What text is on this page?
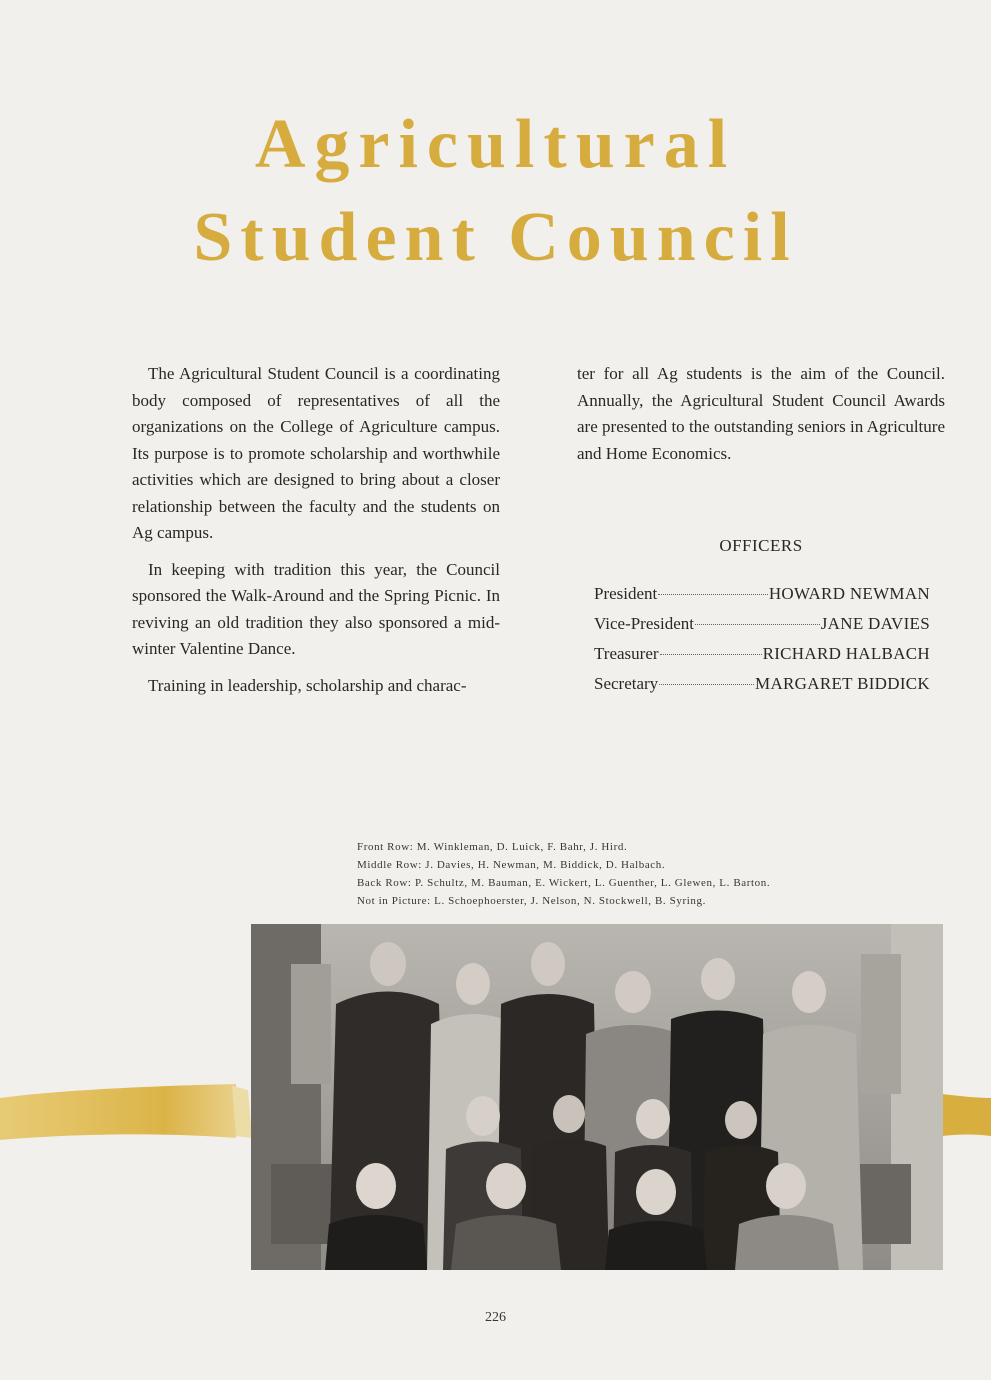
Agricultural
Student Council

The Agricultural Student Council is a coordinating body composed of representatives of all the organizations on the College of Agriculture campus. Its purpose is to promote scholarship and worthwhile activities which are designed to bring about a closer relationship between the faculty and the students on Ag campus.

In keeping with tradition this year, the Council sponsored the Walk-Around and the Spring Picnic. In reviving an old tradition they also sponsored a mid-winter Valentine Dance.

Training in leadership, scholarship and charac-

ter for all Ag students is the aim of the Council. Annually, the Agricultural Student Council Awards are presented to the outstanding seniors in Agriculture and Home Economics.

OFFICERS
President	HOWARD NEWMAN
Vice-President	JANE DAVIES
Treasurer	RICHARD HALBACH
Secretary	MARGARET BIDDICK
Front Row: M. Winkleman, D. Luick, F. Bahr, J. Hird.
Middle Row: J. Davies, H. Newman, M. Biddick, D. Halbach.
Back Row: P. Schultz, M. Bauman, E. Wickert, L. Guenther, L. Glewen, L. Barton.
Not in Picture: L. Schoephoerster, J. Nelson, N. Stockwell, B. Syring.
226
